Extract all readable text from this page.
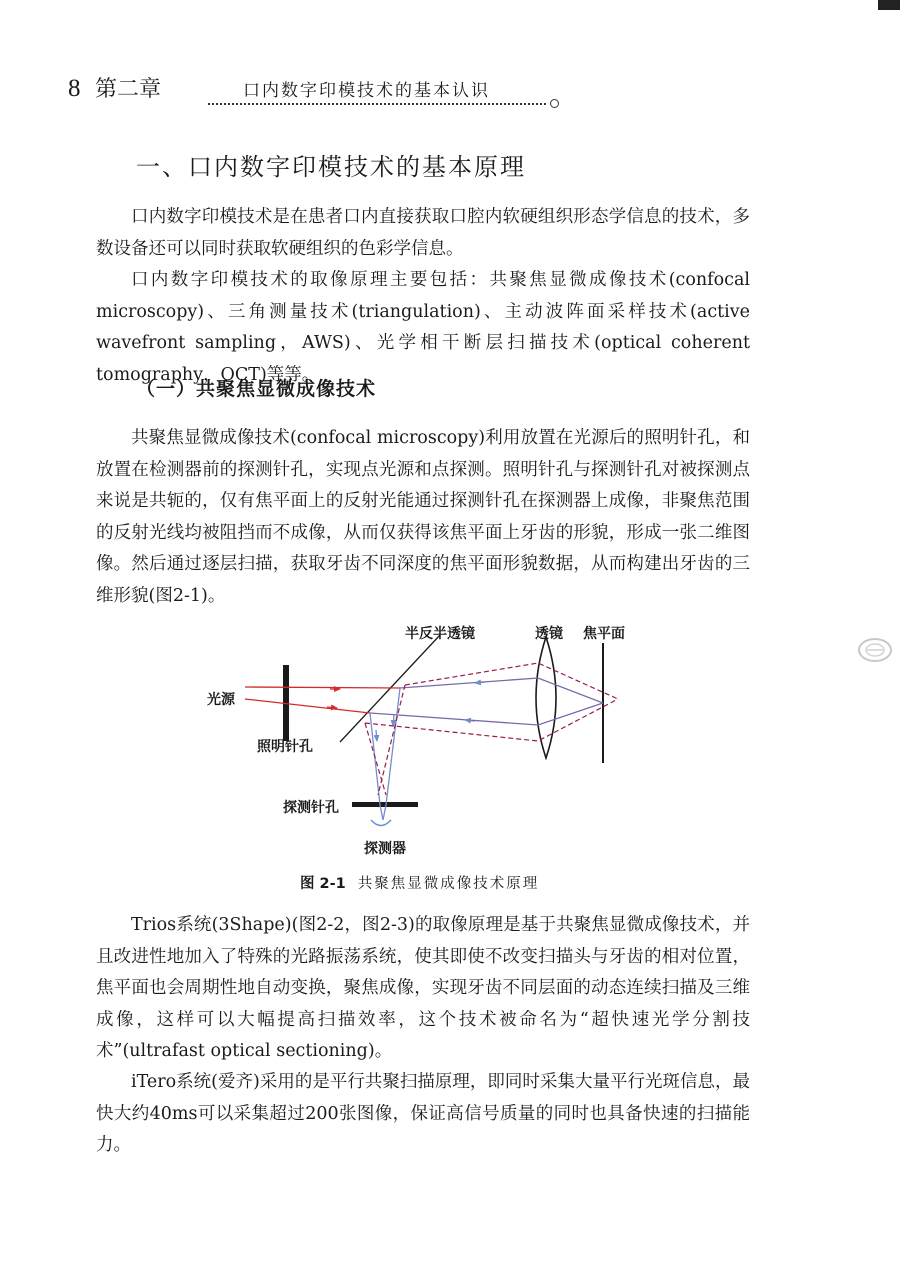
8 第二章	口内数字印模技术的基本认识
一、口内数字印模技术的基本原理

口内数字印模技术是在患者口内直接获取口腔内软硬组织形态学信息的技术，多数设备还可以同时获取软硬组织的色彩学信息。

口内数字印模技术的取像原理主要包括：共聚焦显微成像技术(confocal microscopy)、三角测量技术(triangulation)、主动波阵面采样技术(active wavefront sampling，AWS)、光学相干断层扫描技术(optical coherent tomography，OCT)等等。

（一）共聚焦显微成像技术

共聚焦显微成像技术(confocal microscopy)利用放置在光源后的照明针孔，和放置在检测器前的探测针孔，实现点光源和点探测。照明针孔与探测针孔对被探测点来说是共轭的，仅有焦平面上的反射光能通过探测针孔在探测器上成像，非聚焦范围的反射光线均被阻挡而不成像，从而仅获得该焦平面上牙齿的形貌，形成一张二维图像。然后通过逐层扫描，获取牙齿不同深度的焦平面形貌数据，从而构建出牙齿的三维形貌(图2-1)。

光源
照明针孔
半反半透镜	透镜 焦平面
探测针孔
探测器
图 2-1 共聚焦显微成像技术原理

Trios系统(3Shape)(图2-2，图2-3)的取像原理是基于共聚焦显微成像技术，并且改进性地加入了特殊的光路振荡系统，使其即使不改变扫描头与牙齿的相对位置，焦平面也会周期性地自动变换，聚焦成像，实现牙齿不同层面的动态连续扫描及三维成像，这样可以大幅提高扫描效率，这个技术被命名为“超快速光学分割技术”(ultrafast optical sectioning)。

iTero系统(爱齐)采用的是平行共聚扫描原理，即同时采集大量平行光斑信息，最快大约40ms可以采集超过200张图像，保证高信号质量的同时也具备快速的扫描能力。
